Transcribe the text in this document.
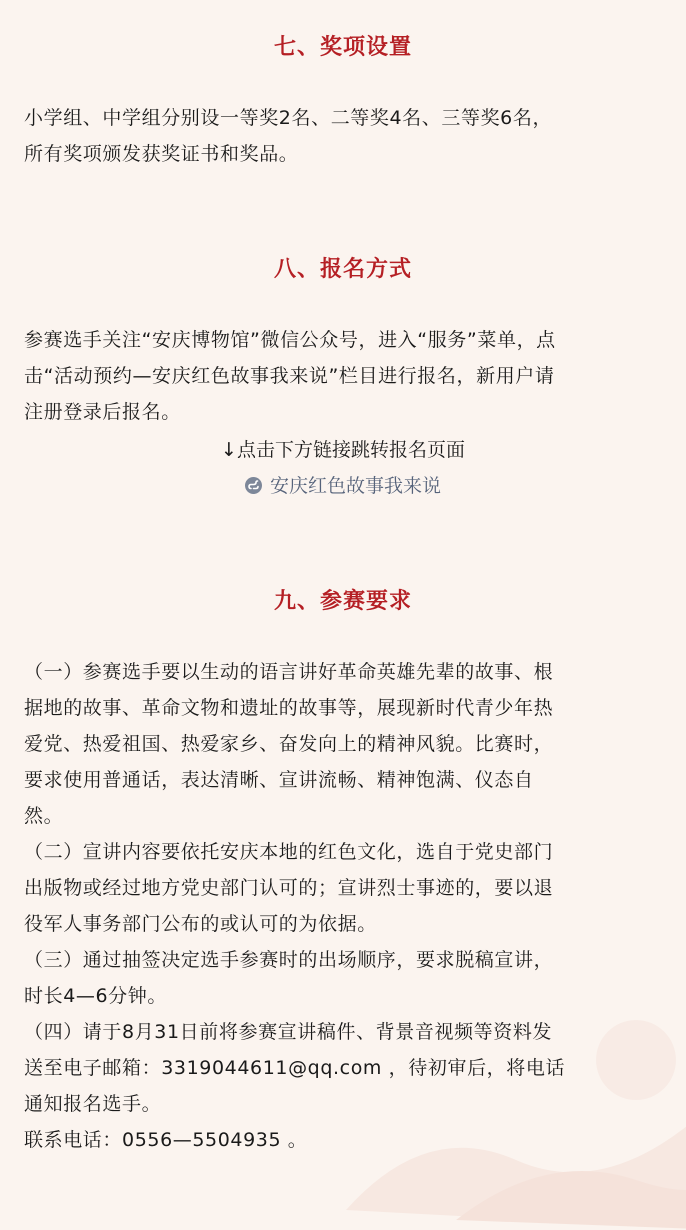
七、奖项设置
小学组、中学组分别设一等奖2名、二等奖4名、三等奖6名，
所有奖项颁发获奖证书和奖品。
八、报名方式
参赛选手关注“安庆博物馆”微信公众号，进入“服务”菜单，点
击“活动预约—安庆红色故事我来说”栏目进行报名，新用户请
注册登录后报名。
↓点击下方链接跳转报名页面
安庆红色故事我来说
九、参赛要求
（一）参赛选手要以生动的语言讲好革命英雄先辈的故事、根
据地的故事、革命文物和遗址的故事等，展现新时代青少年热
爱党、热爱祖国、热爱家乡、奋发向上的精神风貌。比赛时，
要求使用普通话，表达清晰、宣讲流畅、精神饱满、仪态自
然。
（二）宣讲内容要依托安庆本地的红色文化，选自于党史部门
出版物或经过地方党史部门认可的；宣讲烈士事迹的，要以退
役军人事务部门公布的或认可的为依据。
（三）通过抽签决定选手参赛时的出场顺序，要求脱稿宣讲，
时长4—6分钟。
（四）请于8月31日前将参赛宣讲稿件、背景音视频等资料发
送至电子邮箱：3319044611@qq.com ，待初审后，将电话
通知报名选手。
联系电话：0556—5504935 。
